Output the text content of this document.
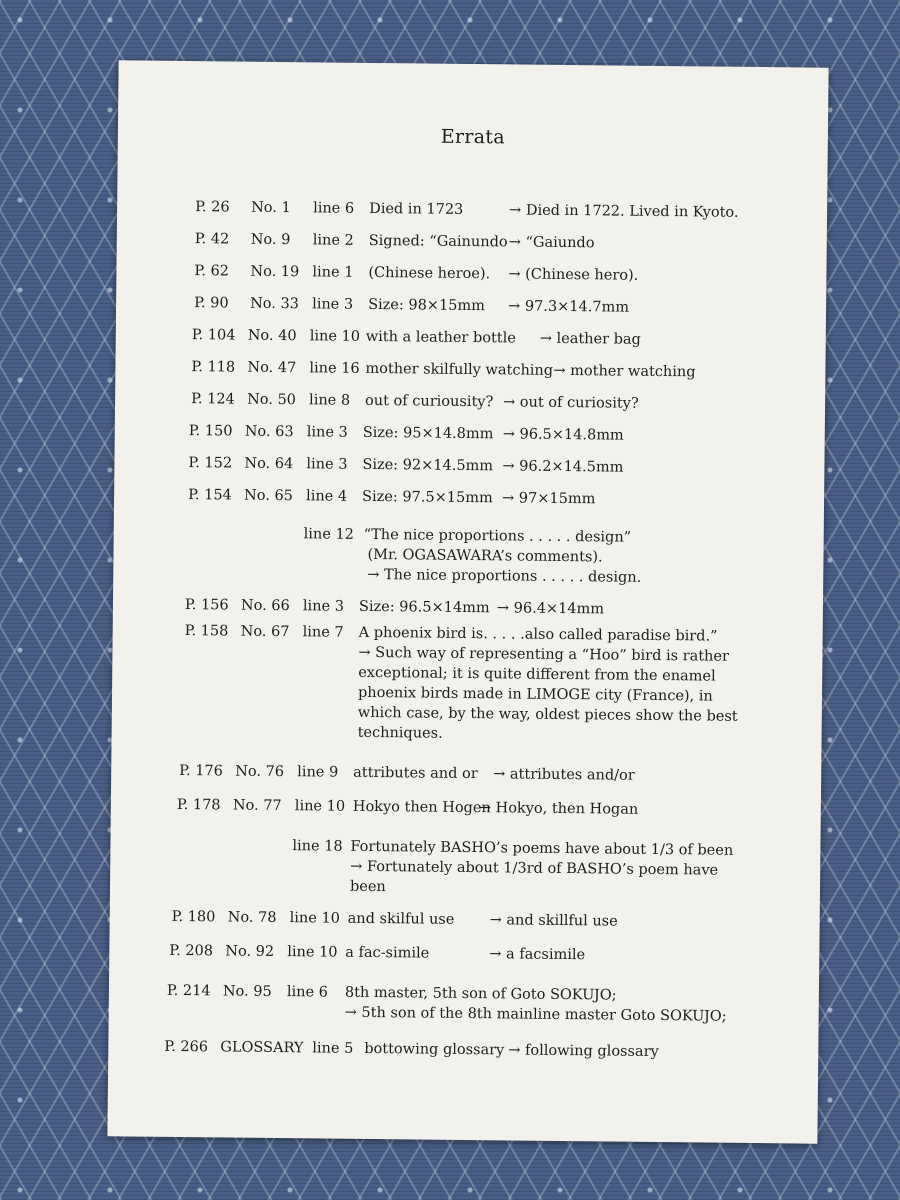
Errata
P. 26 No. 1 line 6 Died in 1723	→ Died in 1722. Lived in Kyoto.
P. 42 No. 9 line 2 Signed: “Gainundo → “Gaiundo
P. 62 No. 19 line 1 (Chinese heroe). → (Chinese hero).
P. 90 No. 33 line 3 Size: 98×15mm → 97.3×14.7mm
P. 104 No. 40 line 10 with a leather bottle → leather bag
P. 118 No. 47 line 16 mother skilfully watching → mother watching
P. 124 No. 50 line 8 out of curiousity? → out of curiosity?
P. 150 No. 63 line 3 Size: 95×14.8mm → 96.5×14.8mm
P. 152 No. 64 line 3 Size: 92×14.5mm → 96.2×14.5mm
P. 154 No. 65 line 4 Size: 97.5×15mm → 97×15mm
line 12 “The nice proportions . . . . . design”
(Mr. OGASAWARA’s comments).
→ The nice proportions . . . . . design.
P. 156 No. 66 line 3 Size: 96.5×14mm → 96.4×14mm
P. 158 No. 67 line 7 A phoenix bird is. . . . .also called paradise bird.”
→ Such way of representing a “Hoo” bird is rather
exceptional; it is quite different from the enamel
phoenix birds made in LIMOGE city (France), in
which case, by the way, oldest pieces show the best
techniques.
P. 176 No. 76 line 9 attributes and or → attributes and/or
P. 178 No. 77 line 10 Hokyo then Hogen
→ Hokyo, then Hogan
line 18 Fortunately BASHO’s poems have about 1/3 of been
→ Fortunately about 1/3rd of BASHO’s poem have
been
P. 180 No. 78 line 10 and skilful use → and skillful use
P. 208 No. 92 line 10 a fac-simile	→ a facsimile
P. 214 No. 95 line 6 8th master, 5th son of Goto SOKUJO;
→ 5th son of the 8th mainline master Goto SOKUJO;
P. 266 GLOSSARY line 5 bottowing glossary → following glossary
